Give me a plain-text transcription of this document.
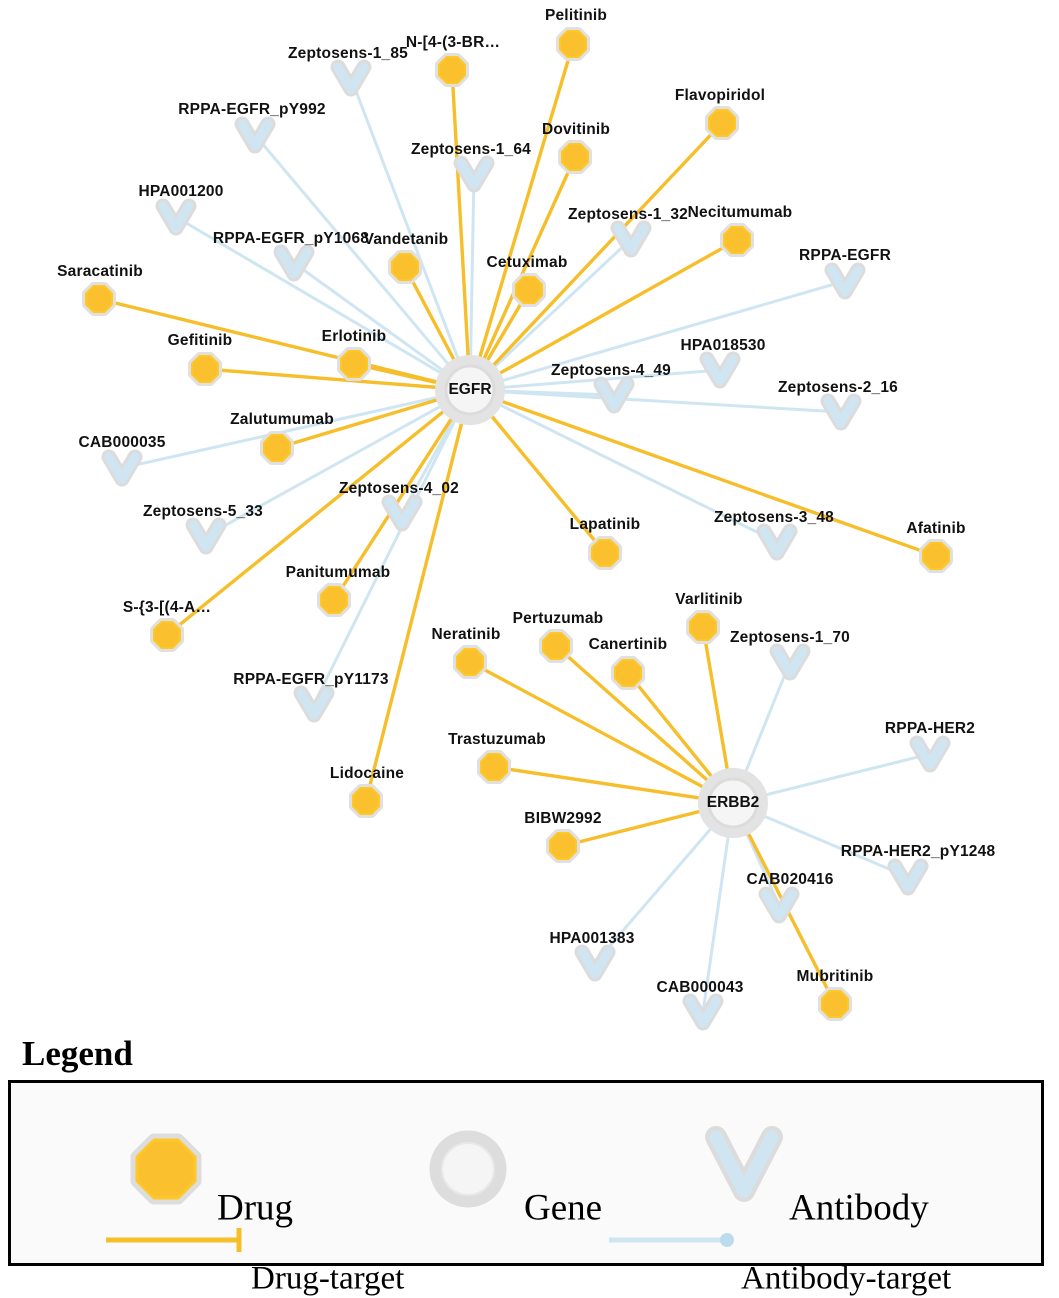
Pelitinib
N-[4-(3-BR…
Flavopiridol
Dovitinib
Necitumumab
Vandetanib
Cetuximab
Saracatinib
Erlotinib
Gefitinib
Zalutumumab
Afatinib
Lapatinib
Varlitinib
Panitumumab
S-{3-[(4-A…
Pertuzumab
Canertinib
Neratinib
Trastuzumab
Lidocaine
BIBW2992
Mubritinib
Zeptosens-1_85
RPPA-EGFR_pY992
Zeptosens-1_64
HPA001200
Zeptosens-1_32
RPPA-EGFR_pY1068
RPPA-EGFR
HPA018530
Zeptosens-4_49
Zeptosens-2_16
CAB000035
Zeptosens-4_02
Zeptosens-5_33	Zeptosens-3_48
Zeptosens-1_70
RPPA-EGFR_pY1173
RPPA-HER2
RPPA-HER2_pY1248
CAB020416
HPA001383
CAB000043
EGFR
ERBB2
Legend
Drug	Gene	Antibody
Drug-target	Antibody-target
